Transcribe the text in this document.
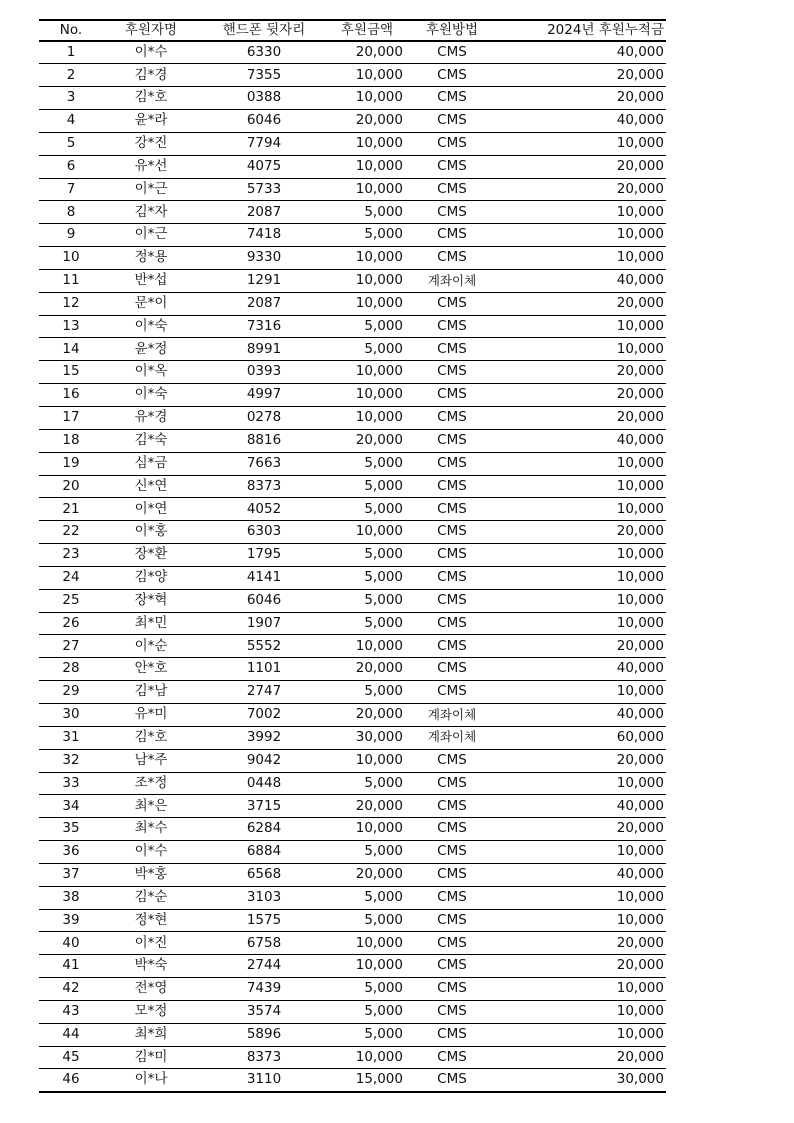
No.	후원자명	핸드폰 뒷자리	후원금액	후원방법	2024년 후원누적금
1	이*수	6330	20,000	CMS	40,000
2	김*경	7355	10,000	CMS	20,000
3	김*호	0388	10,000	CMS	20,000
4	윤*라	6046	20,000	CMS	40,000
5	강*진	7794	10,000	CMS	10,000
6	유*선	4075	10,000	CMS	20,000
7	이*근	5733	10,000	CMS	20,000
8	김*자	2087	5,000	CMS	10,000
9	이*근	7418	5,000	CMS	10,000
10	정*용	9330	10,000	CMS	10,000
11	반*섭	1291	10,000	계좌이체	40,000
12	문*이	2087	10,000	CMS	20,000
13	이*숙	7316	5,000	CMS	10,000
14	윤*정	8991	5,000	CMS	10,000
15	이*옥	0393	10,000	CMS	20,000
16	이*숙	4997	10,000	CMS	20,000
17	유*경	0278	10,000	CMS	20,000
18	김*숙	8816	20,000	CMS	40,000
19	심*금	7663	5,000	CMS	10,000
20	신*연	8373	5,000	CMS	10,000
21	이*연	4052	5,000	CMS	10,000
22	이*홍	6303	10,000	CMS	20,000
23	장*환	1795	5,000	CMS	10,000
24	김*양	4141	5,000	CMS	10,000
25	장*혁	6046	5,000	CMS	10,000
26	최*민	1907	5,000	CMS	10,000
27	이*순	5552	10,000	CMS	20,000
28	안*호	1101	20,000	CMS	40,000
29	김*남	2747	5,000	CMS	10,000
30	유*미	7002	20,000	계좌이체	40,000
31	김*호	3992	30,000	계좌이체	60,000
32	남*주	9042	10,000	CMS	20,000
33	조*정	0448	5,000	CMS	10,000
34	최*은	3715	20,000	CMS	40,000
35	최*수	6284	10,000	CMS	20,000
36	이*수	6884	5,000	CMS	10,000
37	박*홍	6568	20,000	CMS	40,000
38	김*순	3103	5,000	CMS	10,000
39	정*현	1575	5,000	CMS	10,000
40	이*진	6758	10,000	CMS	20,000
41	박*숙	2744	10,000	CMS	20,000
42	전*영	7439	5,000	CMS	10,000
43	모*정	3574	5,000	CMS	10,000
44	최*희	5896	5,000	CMS	10,000
45	김*미	8373	10,000	CMS	20,000
46	이*나	3110	15,000	CMS	30,000
